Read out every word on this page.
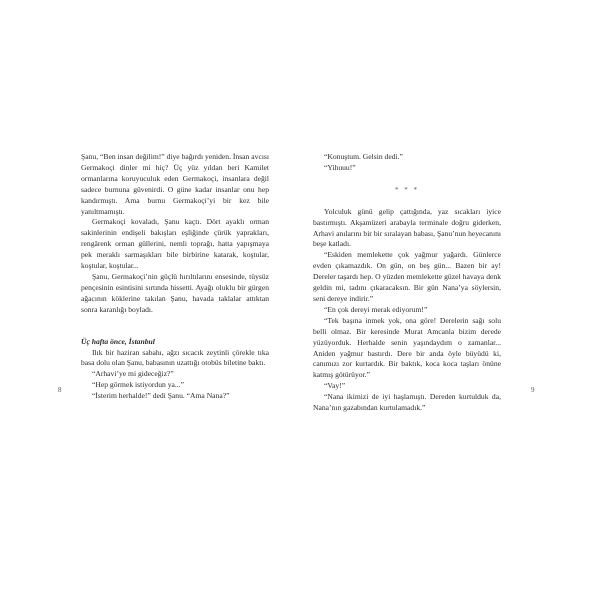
Şanu, “Ben insan değilim!” diye bağırdı yeniden. İnsan avcısı Germakoçi dinler mi hiç? Üç yüz yıldan beri Kamilet ormanlarına koruyuculuk eden Germakoçi, insanlara değil sadece burnuna güvenirdi. O güne kadar insanlar onu hep kandırmıştı. Ama burnu Germakoçi’yi bir kez bile yanıltmamıştı.

Germakoçi kovaladı, Şanu kaçtı. Dört ayaklı orman sakinlerinin endişeli bakışları eşliğinde çürük yaprakları, rengârenk orman güllerini, nemli toprağı, hatta yapışmaya pek meraklı sarmaşıkları bile birbirine katarak, koştular, koştular, koştular...

Şanu, Germakoçi’nin güçlü hırıltılarını ensesinde, tüysüz pençesinin esintisini sırtında hissetti. Ayağı oluklu bir gürgen ağacının köklerine takılan Şanu, havada taklalar attıktan sonra karanlığı boyladı.

Üç hafta önce, İstanbul

Ilık bir haziran sabahı, ağzı sıcacık zeytinli çörekle tıka basa dolu olan Şanu, babasının uzattığı otobüs biletine baktı.

“Arhavi’ye mi gideceğiz?”

“Hep görmek istiyordun ya...”

“İsterim herhalde!” dedi Şanu. “Ama Nana?”

8

“Konuştum. Gelsin dedi.”

“Yihuuu!”

* * *

Yolculuk günü gelip çattığında, yaz sıcakları iyice bastırmıştı. Akşamüzeri arabayla terminale doğru giderken, Arhavi anılarını bir bir sıralayan babası, Şanu’nun heyecanını beşe katladı.

“Eskiden memlekette çok yağmur yağardı. Günlerce evden çıkamazdık. On gün, on beş gün... Bazen bir ay! Dereler taşardı hep. O yüzden memlekette güzel havaya denk geldin mi, tadını çıkaracaksın. Bir gün Nana’ya söylersin, seni dereye indirir.”

“En çok dereyi merak ediyorum!”

“Tek başına inmek yok, ona göre! Derelerin sağı solu belli olmaz. Bir keresinde Murat Amcanla bizim derede yüzüyorduk. Herhalde senin yaşındaydım o zamanlar... Aniden yağmur bastırdı. Dere bir anda öyle büyüdü ki, canımızı zor kurtardık. Bir baktık, koca koca taşları önüne katmış götürüyor.”

“Vay!”

“Nana ikimizi de iyi haşlamıştı. Dereden kurtulduk da, Nana’nın gazabından kurtulamadık.”

9
